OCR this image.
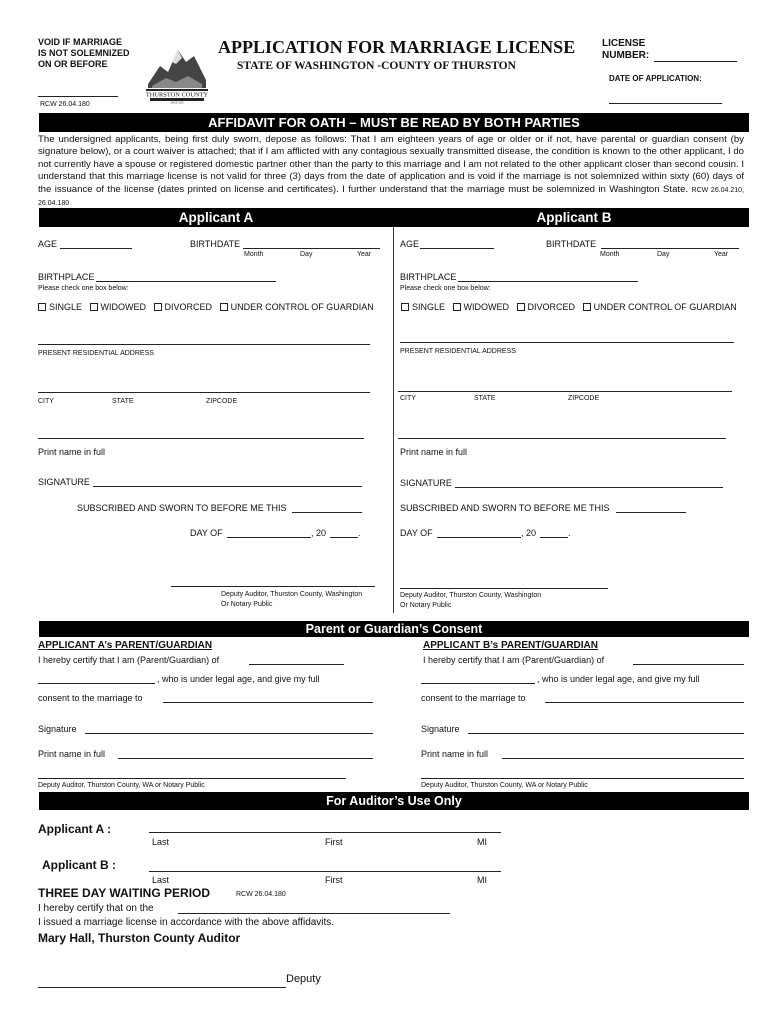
VOID IF MARRIAGE
IS NOT SOLEMNIZED
ON OR BEFORE
RCW 26.04.180
THURSTON COUNTY
SINCE 1852
APPLICATION FOR MARRIAGE LICENSE
STATE OF WASHINGTON -COUNTY OF THURSTON
LICENSE
NUMBER:
DATE OF APPLICATION:
AFFIDAVIT FOR OATH – MUST BE READ BY BOTH PARTIES
The undersigned applicants, being first duly sworn, depose as follows: That I am eighteen years of age or older or if not, have parental or guardian consent (by signature below), or a court waiver is attached; that if I am afflicted with any contagious sexually transmitted disease, the condition is known to the other applicant, I do not currently have a spouse or registered domestic partner other than the party to this marriage and I am not related to the other applicant closer than second cousin. I understand that this marriage license is not valid for three (3) days from the date of application and is void if the marriage is not solemnized within sixty (60) days of the issuance of the license (dates printed on license and certificates). I further understand that the marriage must be solemnized in Washington State. RCW 26.04.210, 26.04.180
Applicant A	Applicant B
AGE	BIRTHDATE
Month	Day	Year
BIRTHPLACE
Please check one box below:
SINGLE WIDOWED DIVORCED UNDER CONTROL OF GUARDIAN
PRESENT RESIDENTIAL ADDRESS
CITY	STATE	ZIPCODE
Print name in full
SIGNATURE
SUBSCRIBED AND SWORN TO BEFORE ME THIS
DAY OF	, 20	.
Deputy Auditor, Thurston County, Washington
Or Notary Public
AGE	BIRTHDATE
Month	Day	Year
BIRTHPLACE
Please check one box below:
SINGLE WIDOWED DIVORCED UNDER CONTROL OF GUARDIAN
PRESENT RESIDENTIAL ADDRESS
CITY	STATE	ZIPCODE
Print name in full
SIGNATURE
SUBSCRIBED AND SWORN TO BEFORE ME THIS
DAY OF	, 20	.
Deputy Auditor, Thurston County, Washington
Or Notary Public
Parent or Guardian’s Consent
APPLICANT A’s PARENT/GUARDIAN
I hereby certify that I am (Parent/Guardian) of
, who is under legal age, and give my full
consent to the marriage to
Signature
Print name in full
Deputy Auditor, Thurston County, WA or Notary Public
APPLICANT B’s PARENT/GUARDIAN
I hereby certify that I am (Parent/Guardian) of
, who is under legal age, and give my full
consent to the marriage to
Signature
Print name in full
Deputy Auditor, Thurston County, WA or Notary Public
For Auditor’s Use Only
Applicant A :
Last	First	MI
Applicant B :
Last	First	MI
THREE DAY WAITING PERIOD	RCW 26.04.180
I hereby certify that on the
I issued a marriage license in accordance with the above affidavits.
Mary Hall, Thurston County Auditor
Deputy
